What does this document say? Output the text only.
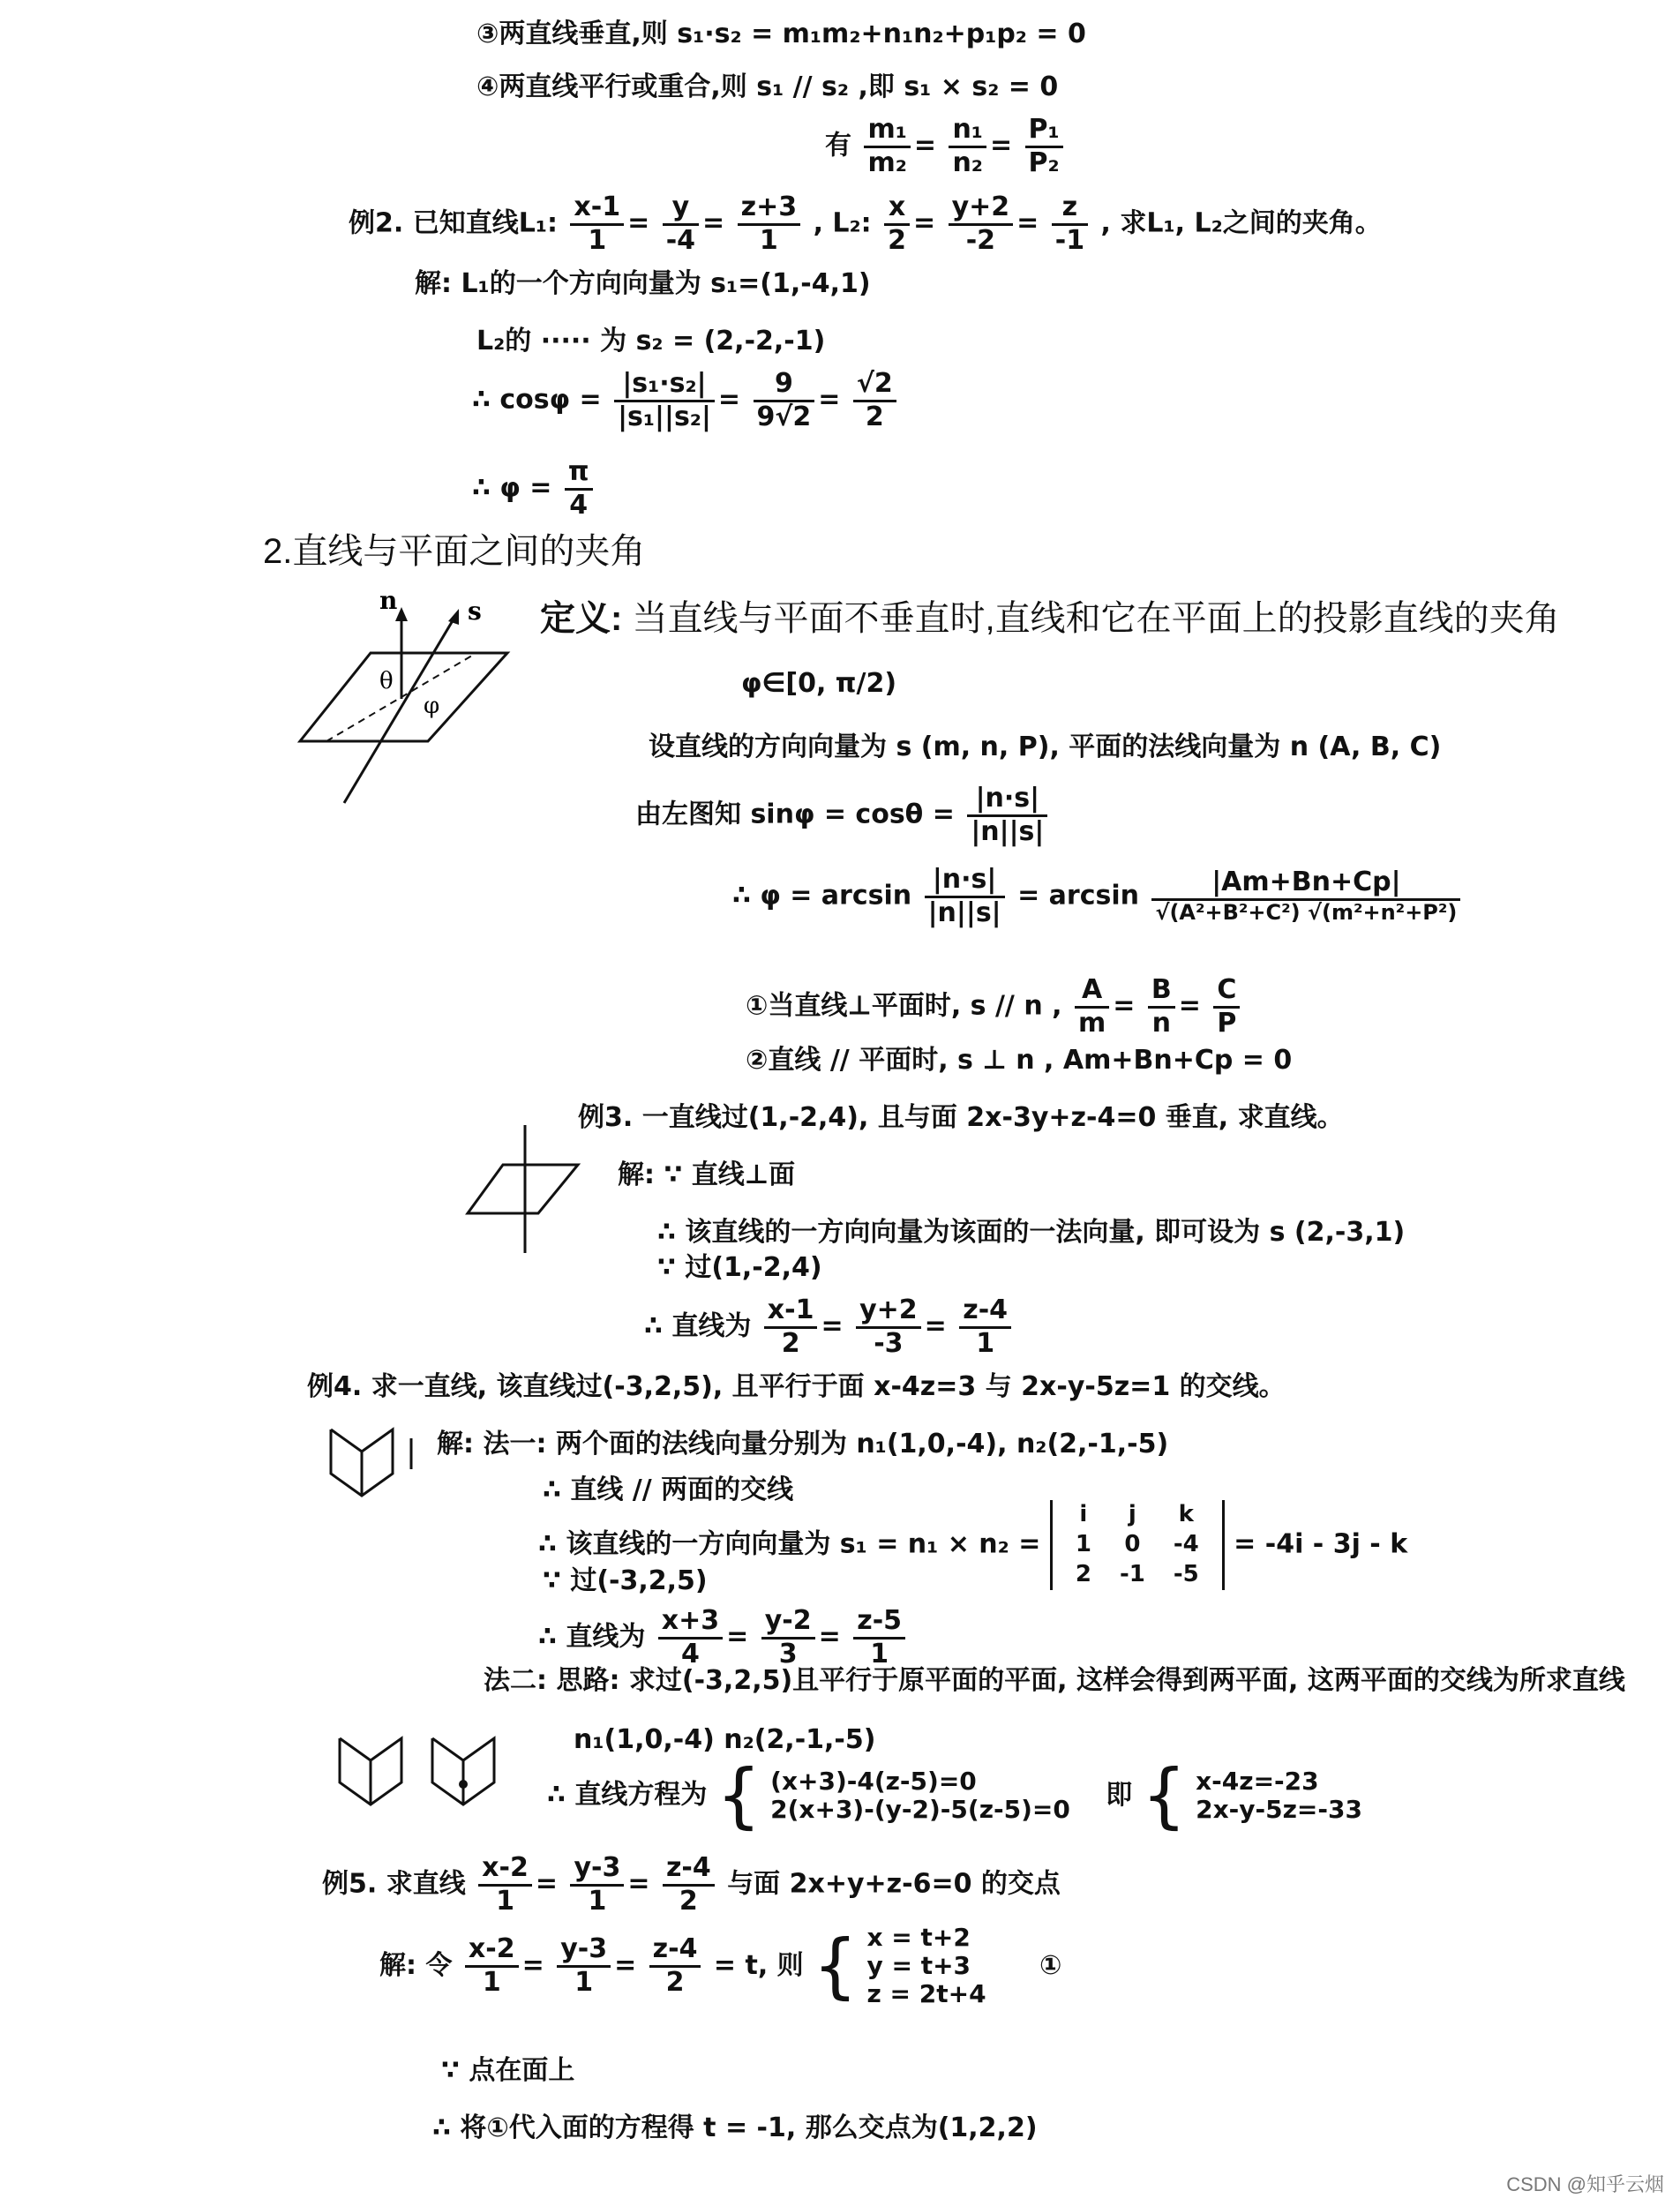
③两直线垂直,则 s₁·s₂ = m₁m₂+n₁n₂+p₁p₂ = 0
④两直线平行或重合,则 s₁ // s₂ ,即 s₁ × s₂ = 0
有 $\frac{\text{m₁}}{\text{m₂}} = \frac{\text{n₁}}{\text{n₂}} = \frac{\text{P₁}}{\text{P₂}}$
例2. 已知直线L₁: $\frac{x-1}{1} = \frac{y}{-4} = \frac{z+3}{1}$ , L₂: $\frac{x}{2} = \frac{y+2}{-2} = \frac{z}{-1}$ , 求L₁, L₂之间的夹角。
解: L₁的一个方向向量为 s₁=(1,-4,1)
L₂的 ····· 为 s₂ = (2,-2,-1)
∴ $\cos\varphi = \frac{\text{|s₁·s₂|}}{\text{|s₁||s₂|}} = \frac{9}{9√2} = \frac{√2}{2}$
∴ $\varphi = \frac{\pi}{4}$
2.直线与平面之间的夹角
n	s
θ
φ
定义: 当直线与平面不垂直时,直线和它在平面上的投影直线的夹角
φ∈[0, π/2)
设直线的方向向量为 s (m, n, P), 平面的法线向量为 n (A, B, C)
由左图知 $\sin\varphi = \cos\theta = \frac{|n\cdot s|}{|n||s|}$
∴ $\varphi = \arcsin \frac{|n\cdot s|}{|n||s|} = \arcsin \frac{|Am+Bn+Cp|}{\text{√(A²+B²+C²) √(m²+n²+P²)}}$
①当直线⊥平面时, s // n , $\frac{A}{m} = \frac{B}{n} = \frac{C}{P}$
②直线 // 平面时, s ⊥ n , Am+Bn+Cp = 0
例3. 一直线过(1,-2,4), 且与面 2x-3y+z-4=0 垂直, 求直线。
解: ∵ 直线⊥面
∴ 该直线的一方向向量为该面的一法向量, 即可设为 s (2,-3,1)
∵ 过(1,-2,4)
∴ 直线为 $\frac{x-1}{2} = \frac{y+2}{-3} = \frac{z-4}{1}$
例4. 求一直线, 该直线过(-3,2,5), 且平行于面 x-4z=3 与 2x-y-5z=1 的交线。
解: 法一: 两个面的法线向量分别为 n₁(1,0,-4), n₂(2,-1,-5)
∴ 直线 // 两面的交线
∴ 该直线的一方向向量为 s₁ = n₁ × n₂ =
i	j	k
1	0	-4
2	-1	-5
= -4i - 3j - k
∵ 过(-3,2,5)
∴ 直线为 $\frac{x+3}{4} = \frac{y-2}{3} = \frac{z-5}{1}$
法二: 思路: 求过(-3,2,5)且平行于原平面的平面, 这样会得到两平面, 这两平面的交线为所求直线
n₁(1,0,-4) n₂(2,-1,-5)
∴ 直线方程为 { (x+3)-4(z-5)=0
2(x+3)-(y-2)-5(z-5)=0 即 { x-4z=-23
2x-y-5z=-33
例5. 求直线 $\frac{x-2}{1} = \frac{y-3}{1} = \frac{z-4}{2}$ 与面 2x+y+z-6=0 的交点
解: 令 $\frac{x-2}{1} = \frac{y-3}{1} = \frac{z-4}{2} = t$, 则 { x = t+2
y = t+3
z = 2t+4
①
∵ 点在面上
∴ 将①代入面的方程得 t = -1, 那么交点为(1,2,2)
CSDN @知乎云烟
